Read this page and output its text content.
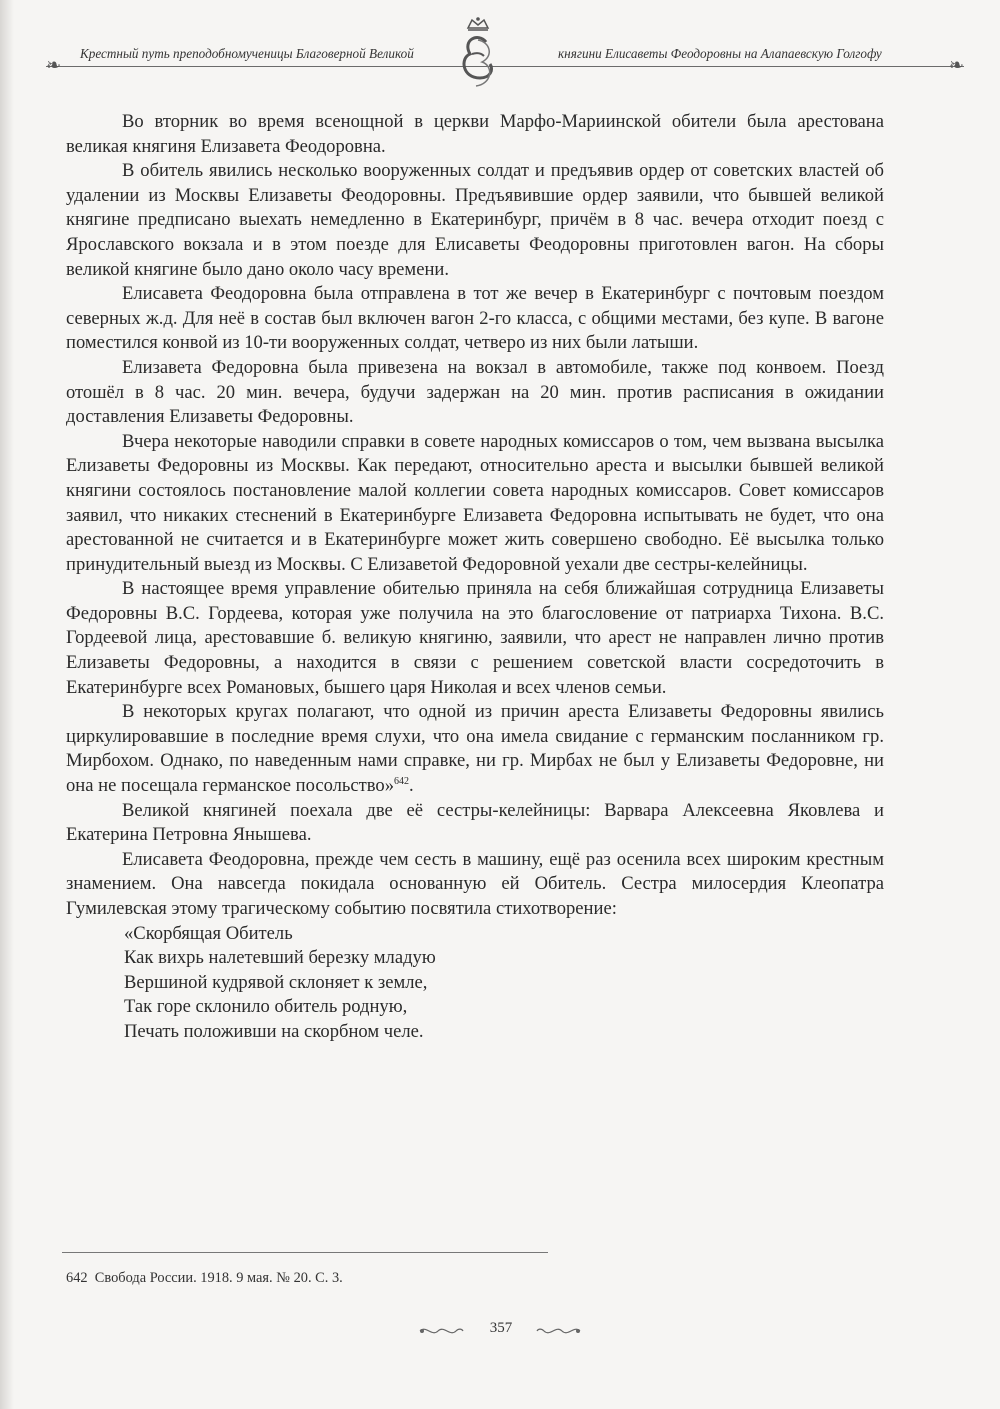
❧
Крестный путь преподобномученицы Благоверной Великой	княгини Елисаветы Феодоровны на Алапаевскую Голгофу
❧

Во вторник во время всенощной в церкви Марфо-Мариинской обители была арестована великая княгиня Елизавета Феодоровна.

В обитель явились несколько вооруженных солдат и предъявив ордер от советских властей об удалении из Москвы Елизаветы Феодоровны. Предъявившие ордер заявили, что бывшей великой княгине предписано выехать немедленно в Екатеринбург, причём в 8 час. вечера отходит поезд с Ярославского вокзала и в этом поезде для Елисаветы Феодоровны приготовлен вагон. На сборы великой княгине было дано около часу времени.

Елисавета Феодоровна была отправлена в тот же вечер в Екатеринбург с почтовым поездом северных ж.д. Для неё в состав был включен вагон 2-го класса, с общими местами, без купе. В вагоне поместился конвой из 10-ти вооруженных солдат, четверо из них были латыши.

Елизавета Федоровна была привезена на вокзал в автомобиле, также под конвоем. Поезд отошёл в 8 час. 20 мин. вечера, будучи задержан на 20 мин. против расписания в ожидании доставления Елизаветы Федоровны.

Вчера некоторые наводили справки в совете народных комиссаров о том, чем вызвана высылка Елизаветы Федоровны из Москвы. Как передают, относительно ареста и высылки бывшей великой княгини состоялось постановление малой коллегии совета народных комиссаров. Совет комиссаров заявил, что никаких стеснений в Екатеринбурге Елизавета Федоровна испытывать не будет, что она арестованной не считается и в Екатеринбурге может жить совершено свободно. Её высылка только принудительный выезд из Москвы. С Елизаветой Федоровной уехали две сестры-келейницы.

В настоящее время управление обителью приняла на себя ближайшая сотрудница Елизаветы Федоровны В.С. Гордеева, которая уже получила на это благословение от патриарха Тихона. В.С. Гордеевой лица, арестовавшие б. великую княгиню, заявили, что арест не направлен лично против Елизаветы Федоровны, а находится в связи с решением советской власти сосредоточить в Екатеринбурге всех Романовых, бышего царя Николая и всех членов семьи.

В некоторых кругах полагают, что одной из причин ареста Елизаветы Федоровны явились циркулировавшие в последние время слухи, что она имела свидание с германским посланником гр. Мирбохом. Однако, по наведенным нами справке, ни гр. Мирбах не был у Елизаветы Федоровне, ни она не посещала германское посольство»$^{642}$.

Великой княгиней поехала две её сестры-келейницы: Варвара Алексеевна Яковлева и Екатерина Петровна Янышева.

Елисавета Феодоровна, прежде чем сесть в машину, ещё раз осенила всех широким крестным знамением. Она навсегда покидала основанную ей Обитель. Сестра милосердия Клеопатра Гумилевская этому трагическому событию посвятила стихотворение:

«Скорбящая Обитель

Как вихрь налетевший березку младую

Вершиной кудрявой склоняет к земле,

Так горе склонило обитель родную,

Печать положивши на скорбном челе.

642 Свобода России. 1918. 9 мая. № 20. С. 3.
357
